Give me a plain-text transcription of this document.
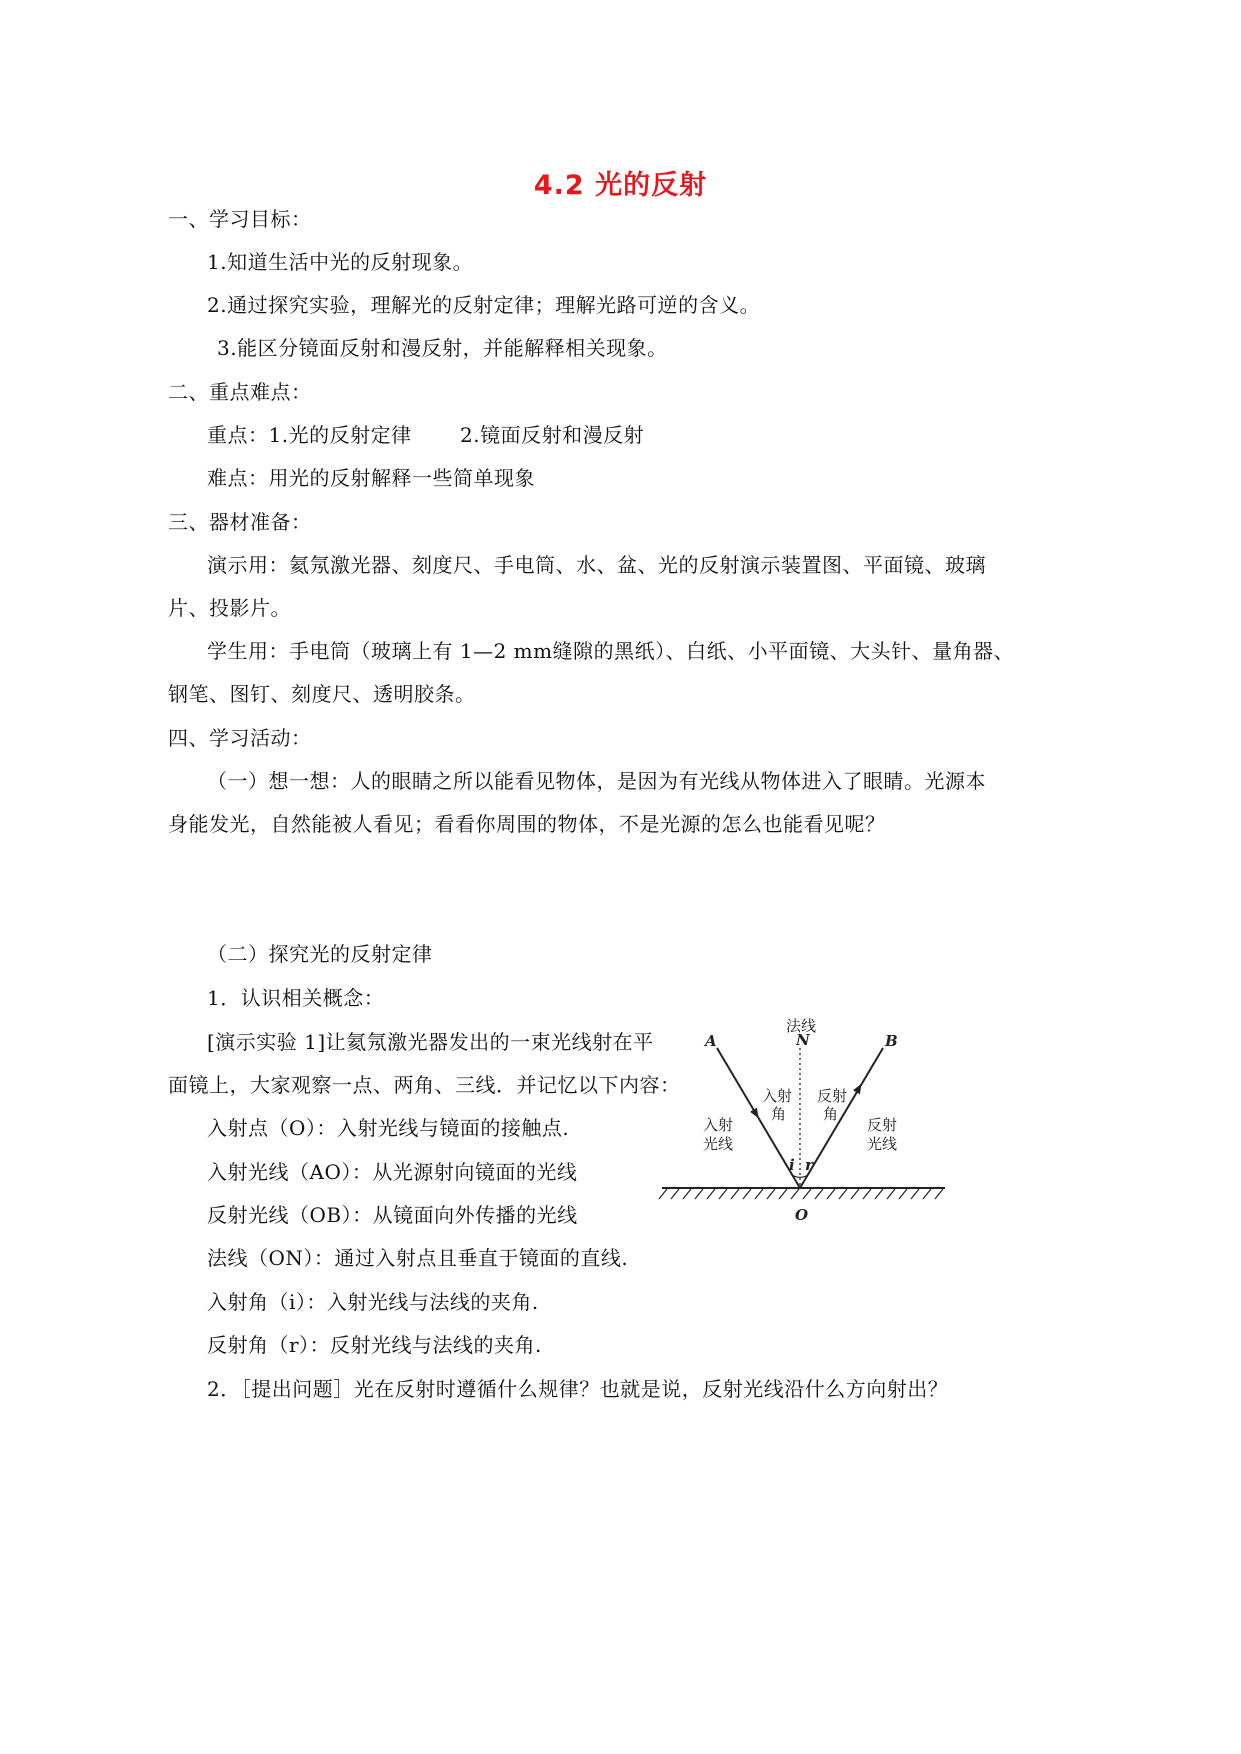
4.2 光的反射
一、学习目标：
1.知道生活中光的反射现象。
2.通过探究实验，理解光的反射定律；理解光路可逆的含义。
3.能区分镜面反射和漫反射，并能解释相关现象。
二、重点难点：
重点：1.光的反射定律 2.镜面反射和漫反射
难点：用光的反射解释一些简单现象
三、器材准备：
演示用：氦氖激光器、刻度尺、手电筒、水、盆、光的反射演示装置图、平面镜、玻璃
片、投影片。
学生用：手电筒（玻璃上有 1—2 mm缝隙的黑纸）、白纸、小平面镜、大头针、量角器、
钢笔、图钉、刻度尺、透明胶条。
四、学习活动：
（一）想一想：人的眼睛之所以能看见物体，是因为有光线从物体进入了眼睛。光源本
身能发光，自然能被人看见；看看你周围的物体，不是光源的怎么也能看见呢？
（二）探究光的反射定律
1．认识相关概念：
[演示实验 1]让氦氖激光器发出的一束光线射在平
面镜上，大家观察一点、两角、三线．并记忆以下内容：
入射点（O）：入射光线与镜面的接触点.
入射光线（AO）：从光源射向镜面的光线
反射光线（OB）：从镜面向外传播的光线
法线（ON）：通过入射点且垂直于镜面的直线.
入射角（i）：入射光线与法线的夹角.
反射角（r）：反射光线与法线的夹角.
2．［提出问题］光在反射时遵循什么规律？也就是说，反射光线沿什么方向射出？
法线
A	N	B
O
i r
入射
角
反射
角
入射
光线
反射
光线
